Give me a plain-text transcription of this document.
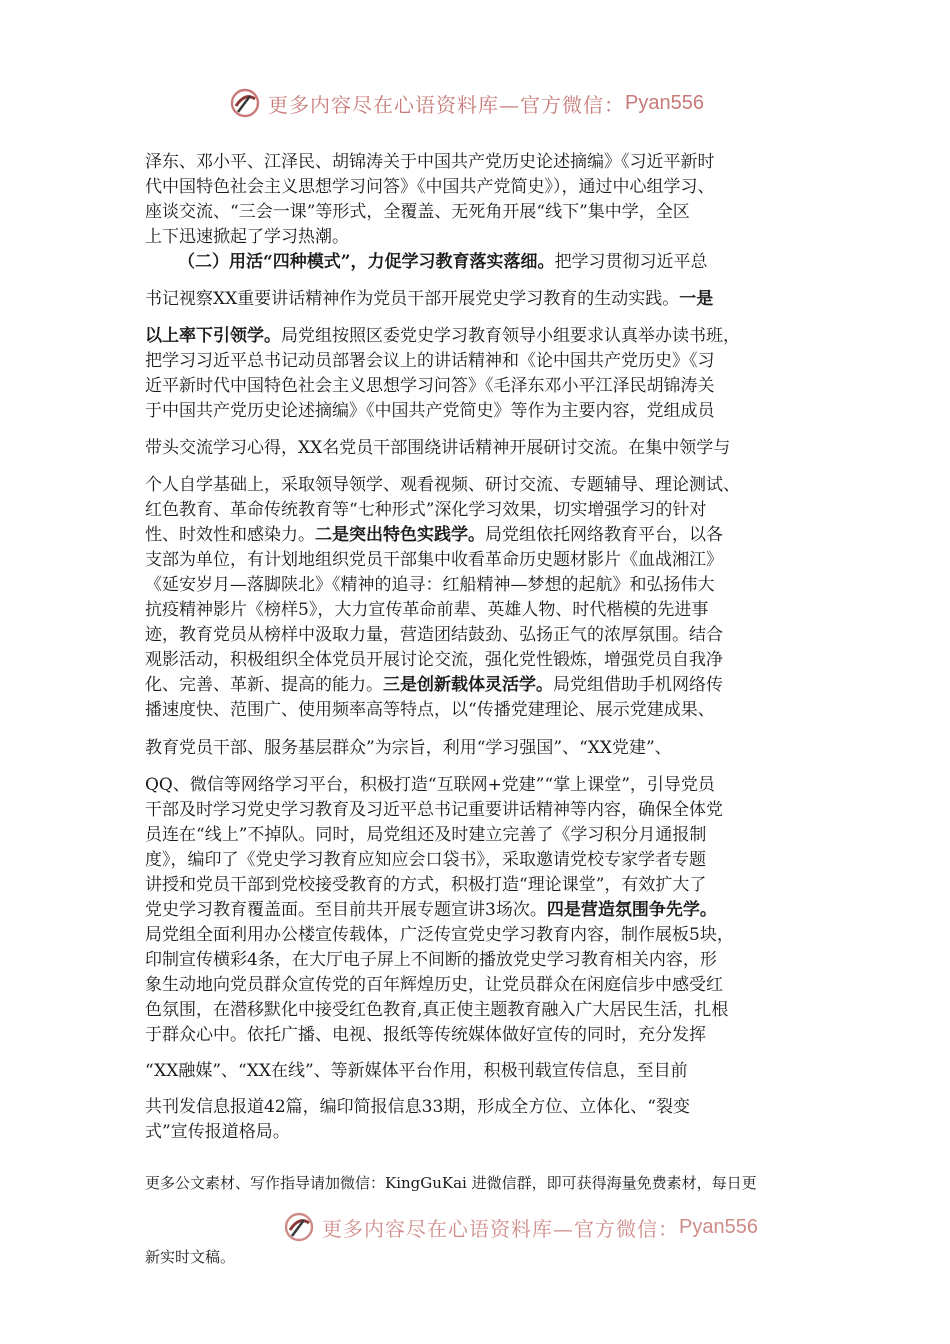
更多内容尽在心语资料库—官方微信： Pyan556
泽东、邓小平、江泽民、胡锦涛关于中国共产党历史论述摘编》《习近平新时
代中国特色社会主义思想学习问答》《中国共产党简史》），通过中心组学习、
座谈交流、“三会一课”等形式，全覆盖、无死角开展“线下”集中学，全区
上下迅速掀起了学习热潮。
（二）用活“四种模式”，力促学习教育落实落细。把学习贯彻习近平总
书记视察XX重要讲话精神作为党员干部开展党史学习教育的生动实践。一是
以上率下引领学。局党组按照区委党史学习教育领导小组要求认真举办读书班，
把学习习近平总书记动员部署会议上的讲话精神和《论中国共产党历史》《习
近平新时代中国特色社会主义思想学习问答》《毛泽东邓小平江泽民胡锦涛关
于中国共产党历史论述摘编》《中国共产党简史》等作为主要内容，党组成员
带头交流学习心得，XX名党员干部围绕讲话精神开展研讨交流。在集中领学与
个人自学基础上，采取领导领学、观看视频、研讨交流、专题辅导、理论测试、
红色教育、革命传统教育等“七种形式”深化学习效果，切实增强学习的针对
性、时效性和感染力。二是突出特色实践学。局党组依托网络教育平台，以各
支部为单位，有计划地组织党员干部集中收看革命历史题材影片《血战湘江》
《延安岁月—落脚陕北》《精神的追寻：红船精神—梦想的起航》和弘扬伟大
抗疫精神影片《榜样5》，大力宣传革命前辈、英雄人物、时代楷模的先进事
迹，教育党员从榜样中汲取力量，营造团结鼓劲、弘扬正气的浓厚氛围。结合
观影活动，积极组织全体党员开展讨论交流，强化党性锻炼，增强党员自我净
化、完善、革新、提高的能力。三是创新载体灵活学。局党组借助手机网络传
播速度快、范围广、使用频率高等特点，以“传播党建理论、展示党建成果、
教育党员干部、服务基层群众”为宗旨，利用“学习强国”、“XX党建”、
QQ、微信等网络学习平台，积极打造“互联网+党建”“掌上课堂”，引导党员
干部及时学习党史学习教育及习近平总书记重要讲话精神等内容，确保全体党
员连在“线上”不掉队。同时，局党组还及时建立完善了《学习积分月通报制
度》，编印了《党史学习教育应知应会口袋书》，采取邀请党校专家学者专题
讲授和党员干部到党校接受教育的方式，积极打造“理论课堂”，有效扩大了
党史学习教育覆盖面。至目前共开展专题宣讲3场次。四是营造氛围争先学。
局党组全面利用办公楼宣传载体，广泛传宣党史学习教育内容，制作展板5块，
印制宣传横彩4条，在大厅电子屏上不间断的播放党史学习教育相关内容，形
象生动地向党员群众宣传党的百年辉煌历史，让党员群众在闲庭信步中感受红
色氛围，在潜移默化中接受红色教育,真正使主题教育融入广大居民生活，扎根
于群众心中。依托广播、电视、报纸等传统媒体做好宣传的同时，充分发挥
“XX融媒”、“XX在线”、等新媒体平台作用，积极刊载宣传信息，至目前
共刊发信息报道42篇，编印简报信息33期，形成全方位、立体化、“裂变
式”宣传报道格局。
更多公文素材、写作指导请加微信：KingGuKai 进微信群，即可获得海量免费素材，每日更
更多内容尽在心语资料库—官方微信： Pyan556
新实时文稿。
